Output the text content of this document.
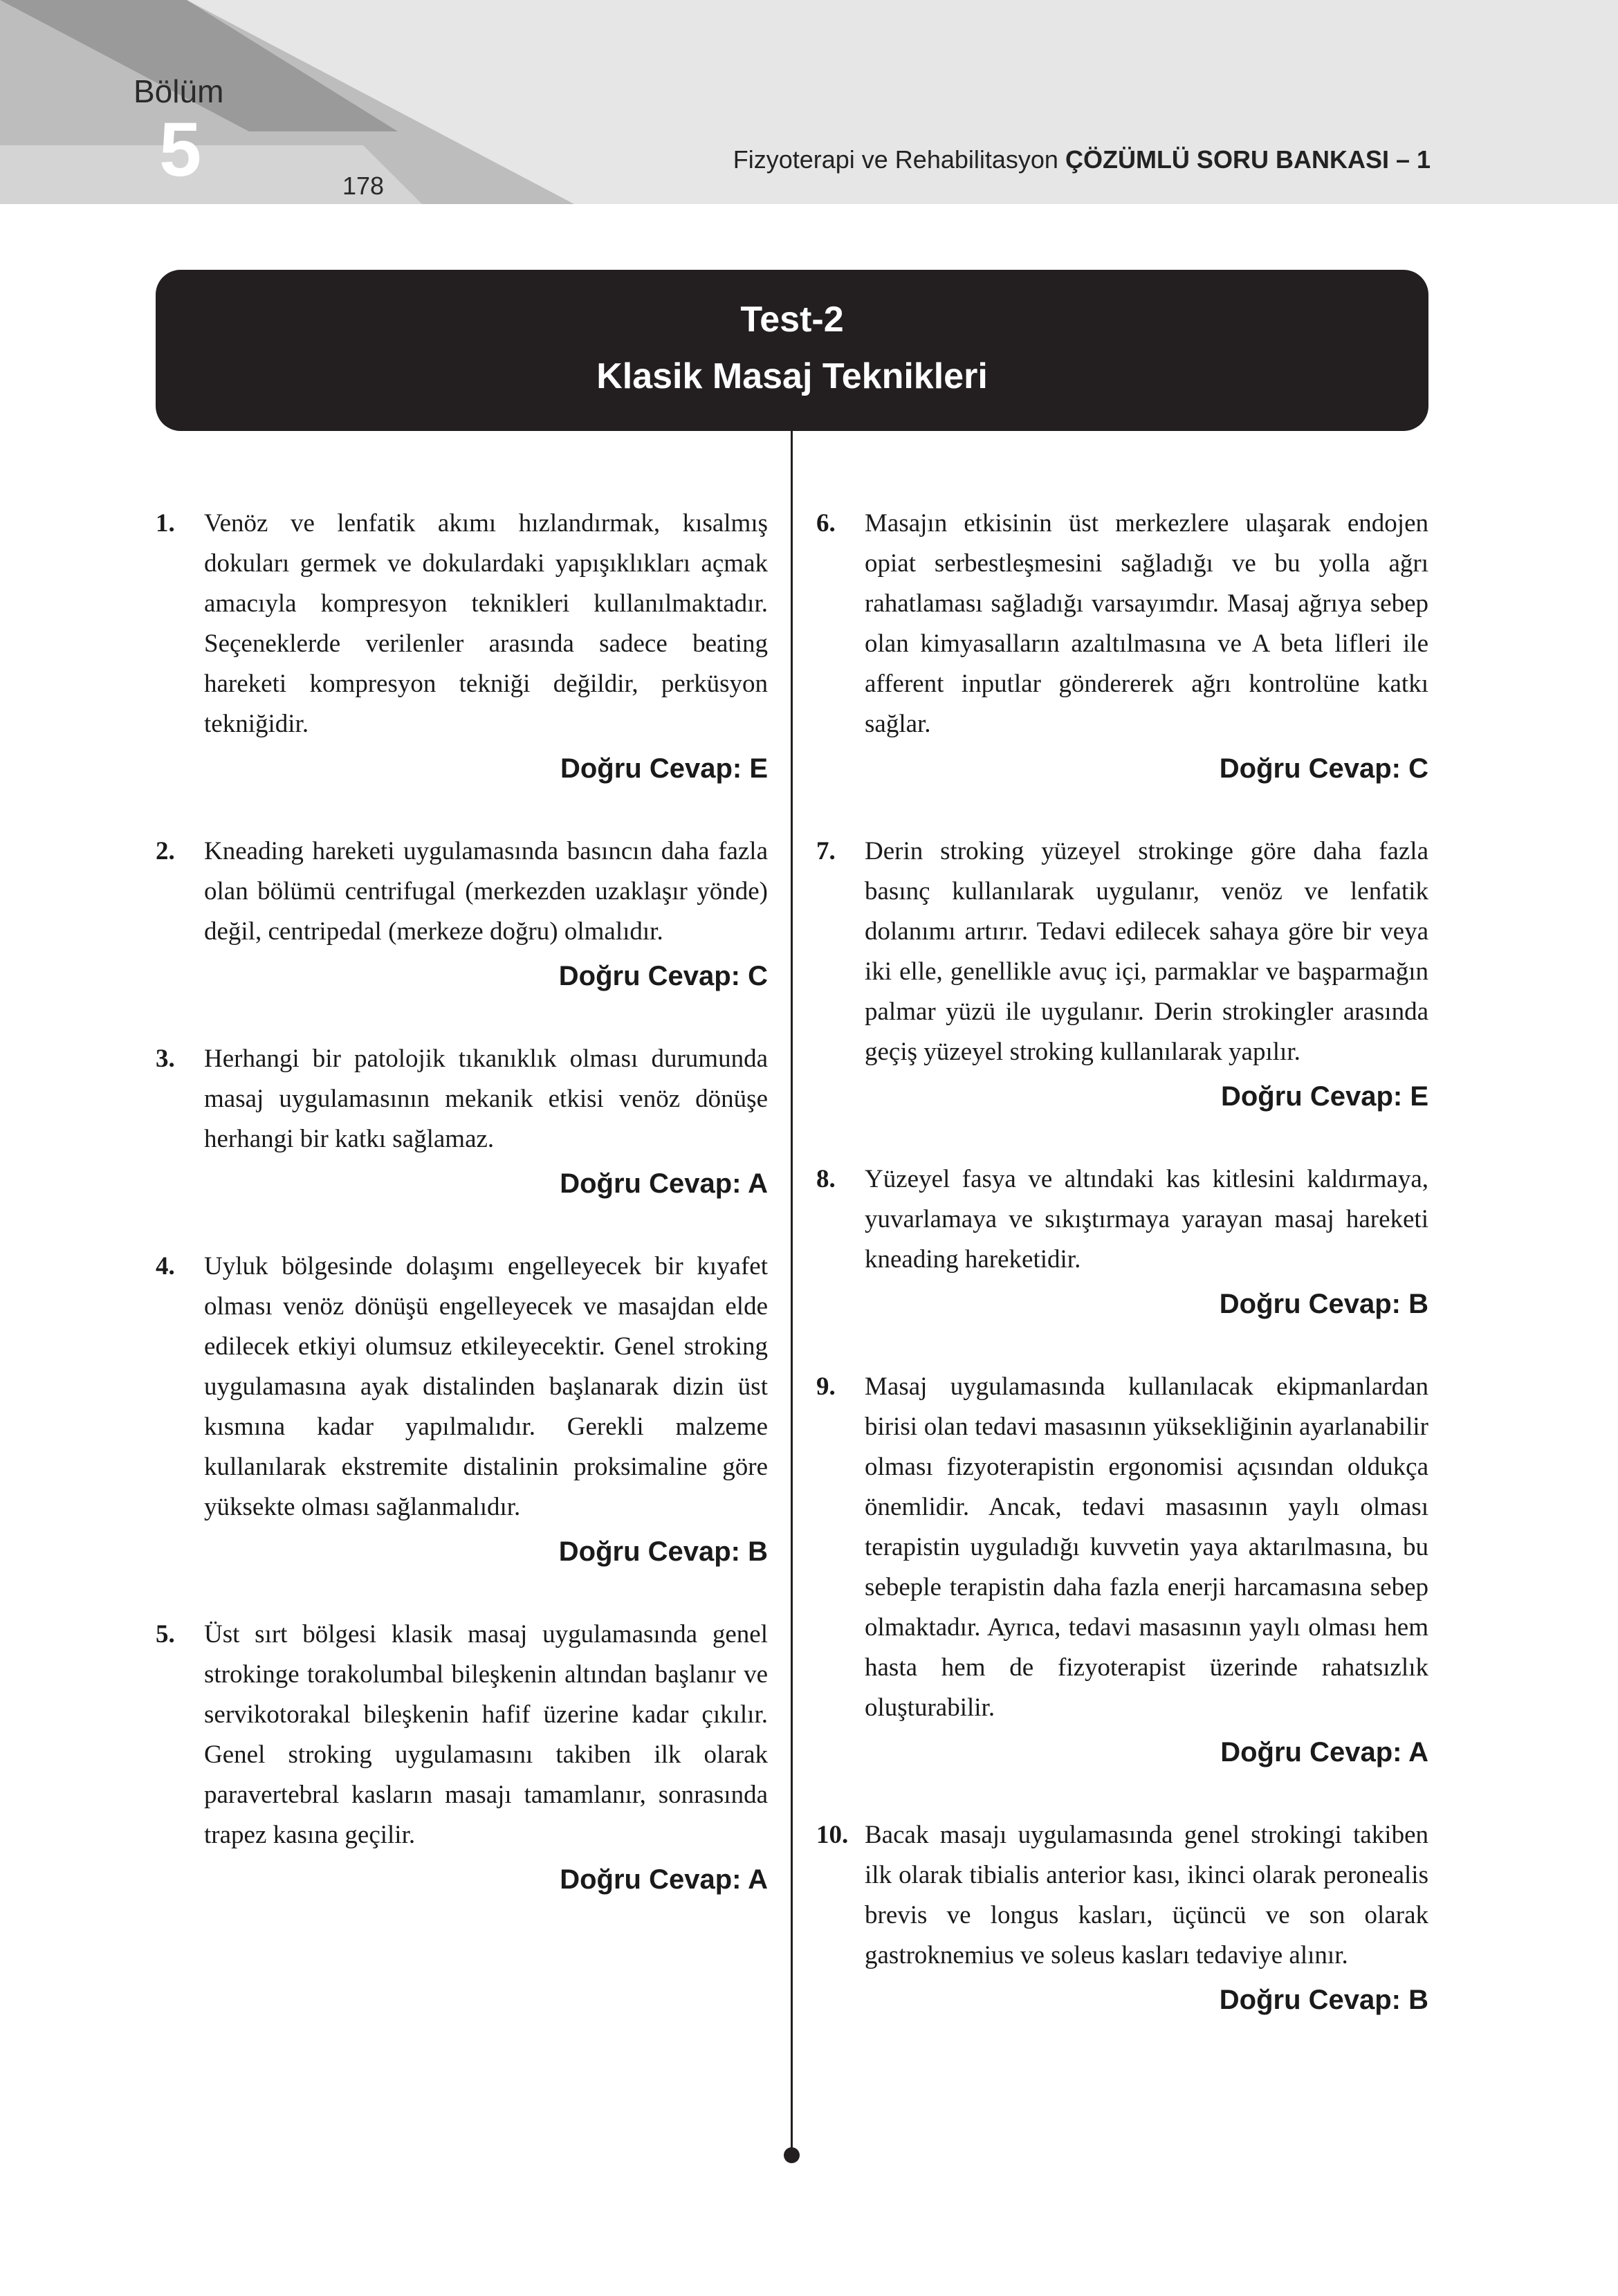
Bölüm
5	178
Fizyoterapi ve Rehabilitasyon ÇÖZÜMLÜ SORU BANKASI – 1
Test-2
Klasik Masaj Teknikleri
1. Venöz ve lenfatik akımı hızlandırmak, kısalmış dokuları germek ve dokulardaki yapışıklıkları açmak amacıyla kompresyon teknikleri kullanılmaktadır. Seçeneklerde verilenler arasında sadece beating hareketi kompresyon tekniği değildir, perküsyon tekniğidir.
Doğru Cevap: E
2. Kneading hareketi uygulamasında basıncın daha fazla olan bölümü centrifugal (merkezden uzaklaşır yönde) değil, centripedal (merkeze doğru) olmalıdır.
Doğru Cevap: C
3. Herhangi bir patolojik tıkanıklık olması durumunda masaj uygulamasının mekanik etkisi venöz dönüşe herhangi bir katkı sağlamaz.
Doğru Cevap: A
4. Uyluk bölgesinde dolaşımı engelleyecek bir kıyafet olması venöz dönüşü engelleyecek ve masajdan elde edilecek etkiyi olumsuz etkileyecektir. Genel stroking uygulamasına ayak distalinden başlanarak dizin üst kısmına kadar yapılmalıdır. Gerekli malzeme kullanılarak ekstremite distalinin proksimaline göre yüksekte olması sağlanmalıdır.
Doğru Cevap: B
5. Üst sırt bölgesi klasik masaj uygulamasında genel strokinge torakolumbal bileşkenin altından başlanır ve servikotorakal bileşkenin hafif üzerine kadar çıkılır. Genel stroking uygulamasını takiben ilk olarak paravertebral kasların masajı tamamlanır, sonrasında trapez kasına geçilir.
Doğru Cevap: A
6. Masajın etkisinin üst merkezlere ulaşarak endojen opiat serbestleşmesini sağladığı ve bu yolla ağrı rahatlaması sağladığı varsayımdır. Masaj ağrıya sebep olan kimyasalların azaltılmasına ve A beta lifleri ile afferent inputlar göndererek ağrı kontrolüne katkı sağlar.
Doğru Cevap: C
7. Derin stroking yüzeyel strokinge göre daha fazla basınç kullanılarak uygulanır, venöz ve lenfatik dolanımı artırır. Tedavi edilecek sahaya göre bir veya iki elle, genellikle avuç içi, parmaklar ve başparmağın palmar yüzü ile uygulanır. Derin strokingler arasında geçiş yüzeyel stroking kullanılarak yapılır.
Doğru Cevap: E
8. Yüzeyel fasya ve altındaki kas kitlesini kaldırmaya, yuvarlamaya ve sıkıştırmaya yarayan masaj hareketi kneading hareketidir.
Doğru Cevap: B
9. Masaj uygulamasında kullanılacak ekipmanlardan birisi olan tedavi masasının yüksekliğinin ayarlanabilir olması fizyoterapistin ergonomisi açısından oldukça önemlidir. Ancak, tedavi masasının yaylı olması terapistin uyguladığı kuvvetin yaya aktarılmasına, bu sebeple terapistin daha fazla enerji harcamasına sebep olmaktadır. Ayrıca, tedavi masasının yaylı olması hem hasta hem de fizyoterapist üzerinde rahatsızlık oluşturabilir.
Doğru Cevap: A
10. Bacak masajı uygulamasında genel strokingi takiben ilk olarak tibialis anterior kası, ikinci olarak peronealis brevis ve longus kasları, üçüncü ve son olarak gastroknemius ve soleus kasları tedaviye alınır.
Doğru Cevap: B
